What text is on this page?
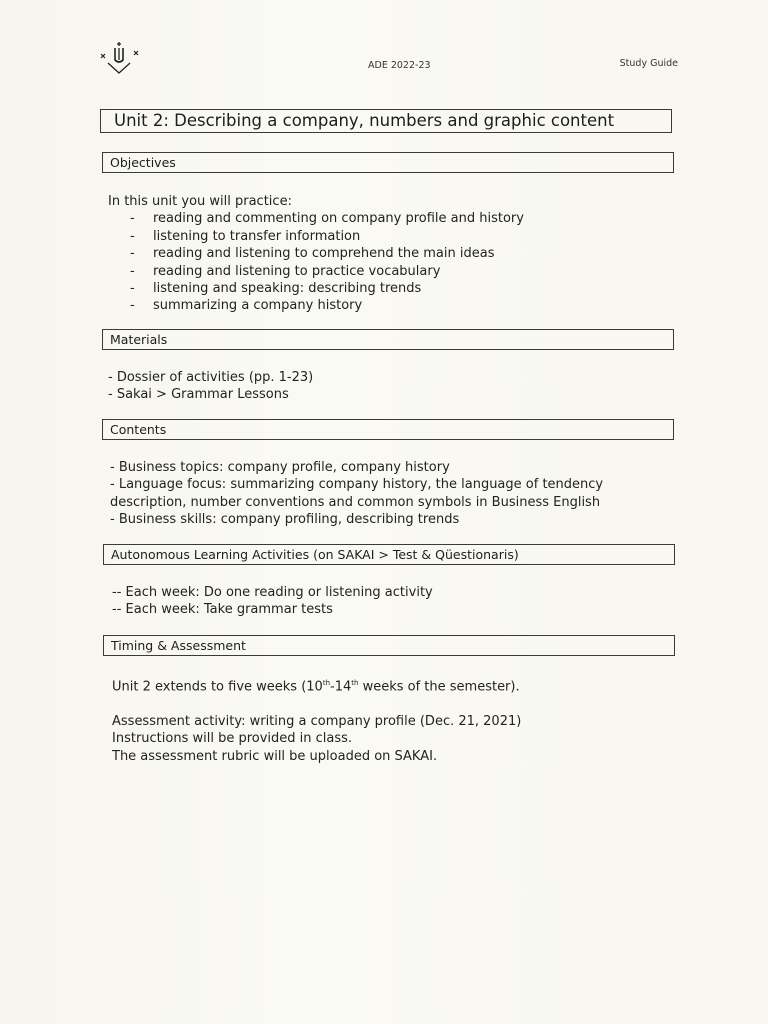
ADE 2022-23	Study Guide
Unit 2: Describing a company, numbers and graphic content
Objectives

In this unit you will practice:

- reading and commenting on company profile and history
- listening to transfer information
- reading and listening to comprehend the main ideas
- reading and listening to practice vocabulary
- listening and speaking: describing trends
- summarizing a company history
Materials

- Dossier of activities (pp. 1-23)

- Sakai > Grammar Lessons

Contents

- Business topics: company profile, company history

- Language focus: summarizing company history, the language of tendency

description, number conventions and common symbols in Business English

- Business skills: company profiling, describing trends

Autonomous Learning Activities (on SAKAI > Test & Qüestionaris)

-- Each week: Do one reading or listening activity

-- Each week: Take grammar tests

Timing & Assessment

Unit 2 extends to five weeks (10th-14th weeks of the semester).

Assessment activity: writing a company profile (Dec. 21, 2021)

Instructions will be provided in class.

The assessment rubric will be uploaded on SAKAI.
